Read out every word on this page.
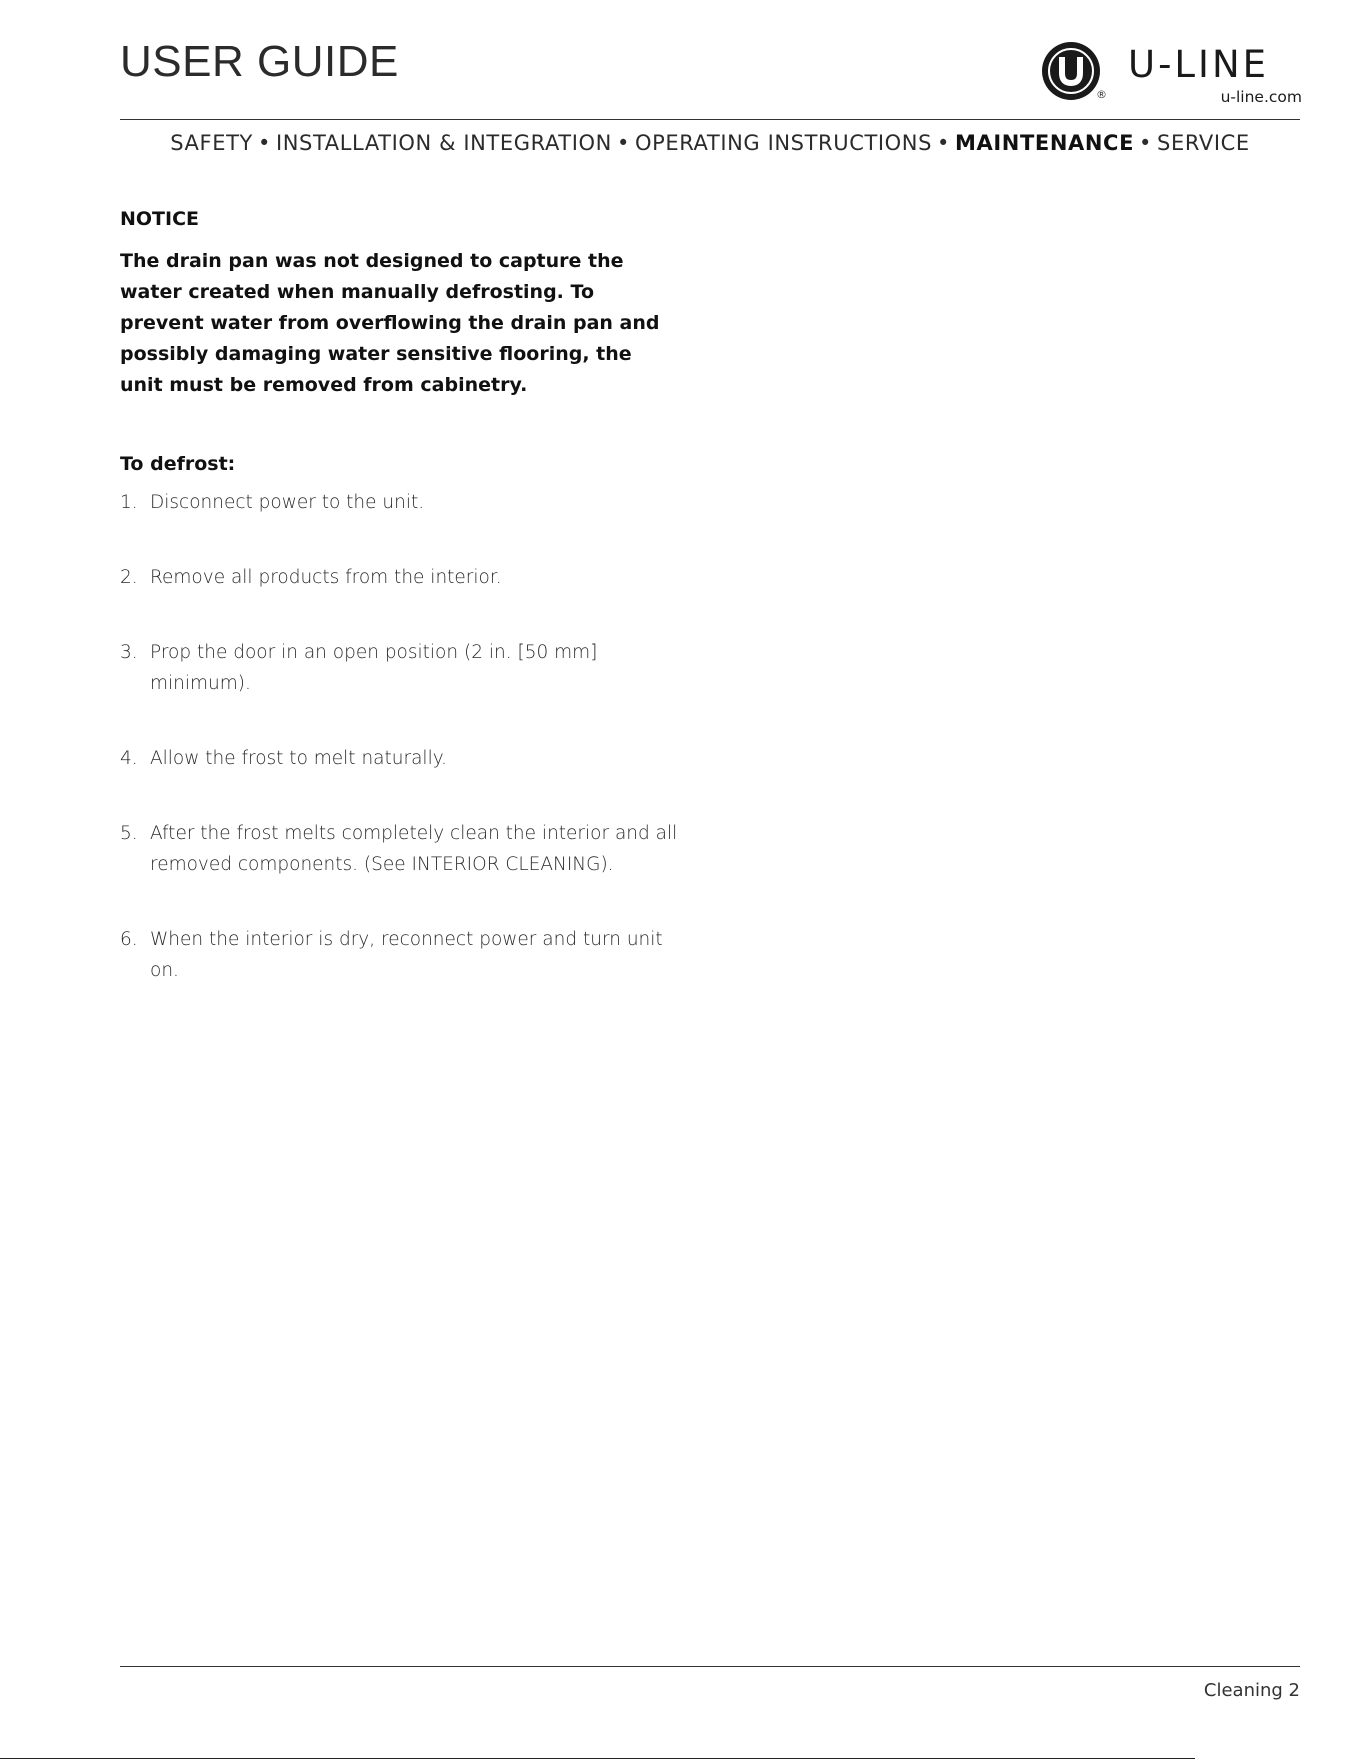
USER GUIDE
®
U-LINE
u-line.com
SAFETY • INSTALLATION & INTEGRATION • OPERATING INSTRUCTIONS • MAINTENANCE • SERVICE
NOTICE

The drain pan was not designed to capture the water created when manually defrosting. To prevent water from overflowing the drain pan and possibly damaging water sensitive flooring, the unit must be removed from cabinetry.

To defrost:
1. Disconnect power to the unit.
2. Remove all products from the interior.
3. Prop the door in an open position (2 in. [50 mm] minimum).
4. Allow the frost to melt naturally.
5. After the frost melts completely clean the interior and all removed components. (See INTERIOR CLEANING).
6. When the interior is dry, reconnect power and turn unit on.
Cleaning 2
